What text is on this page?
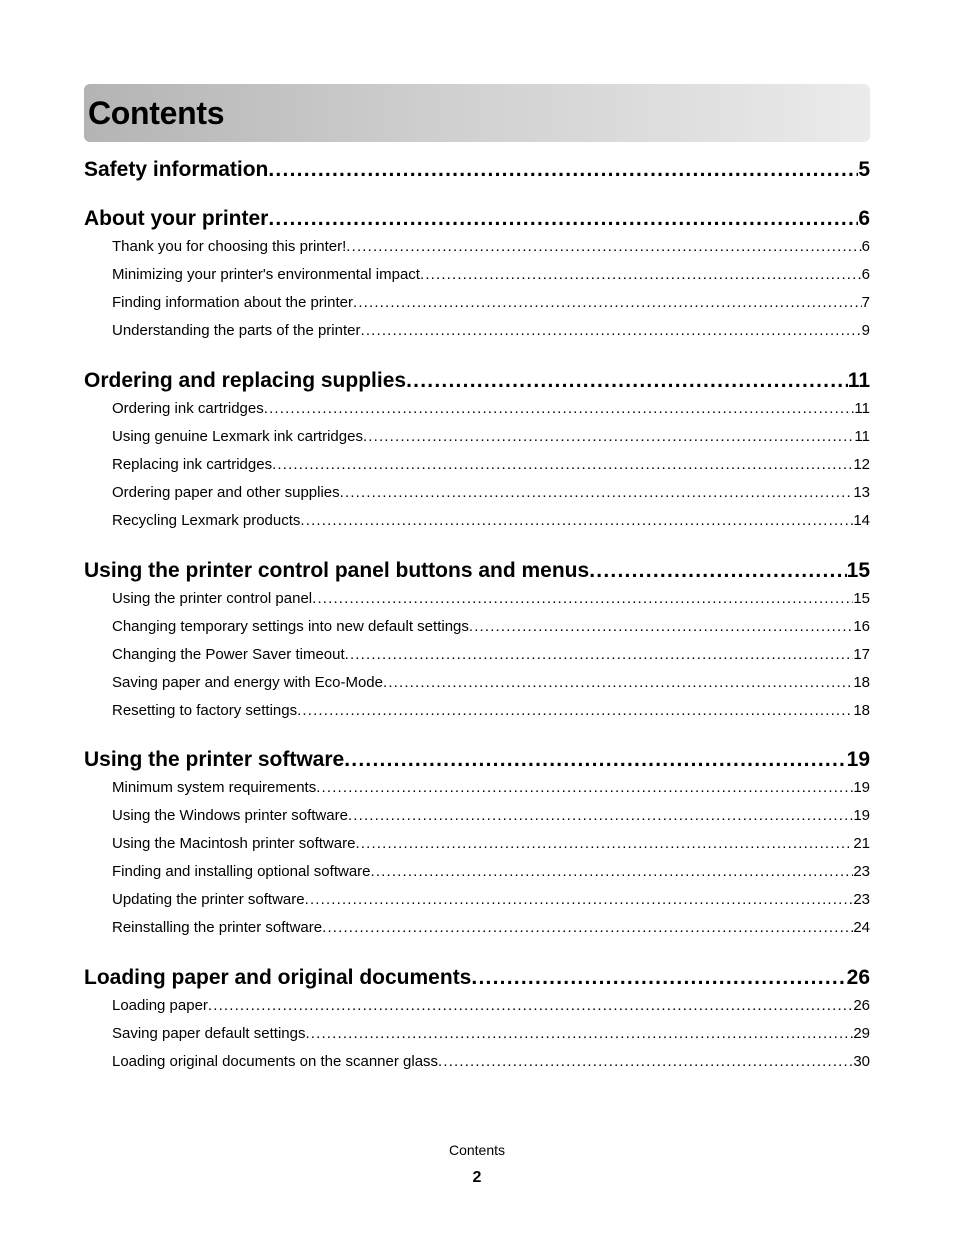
Contents
Safety information . . .	5
About your printer . . .	6
Thank you for choosing this printer! . . .	6
Minimizing your printer's environmental impact . . .	6
Finding information about the printer . . .	7
Understanding the parts of the printer . . .	9
Ordering and replacing supplies . . .	11
Ordering ink cartridges . . .	11
Using genuine Lexmark ink cartridges . . .	11
Replacing ink cartridges . . .	12
Ordering paper and other supplies . . .	13
Recycling Lexmark products . . .	14
Using the printer control panel buttons and menus . . .	15
Using the printer control panel . . .	15
Changing temporary settings into new default settings . . .	16
Changing the Power Saver timeout . . .	17
Saving paper and energy with Eco-Mode . . .	18
Resetting to factory settings . . .	18
Using the printer software . . .	19
Minimum system requirements . . .	19
Using the Windows printer software . . .	19
Using the Macintosh printer software . . .	21
Finding and installing optional software . . .	23
Updating the printer software . . .	23
Reinstalling the printer software . . .	24
Loading paper and original documents . . .	26
Loading paper . . .	26
Saving paper default settings . . .	29
Loading original documents on the scanner glass . . .	30
Contents
2
